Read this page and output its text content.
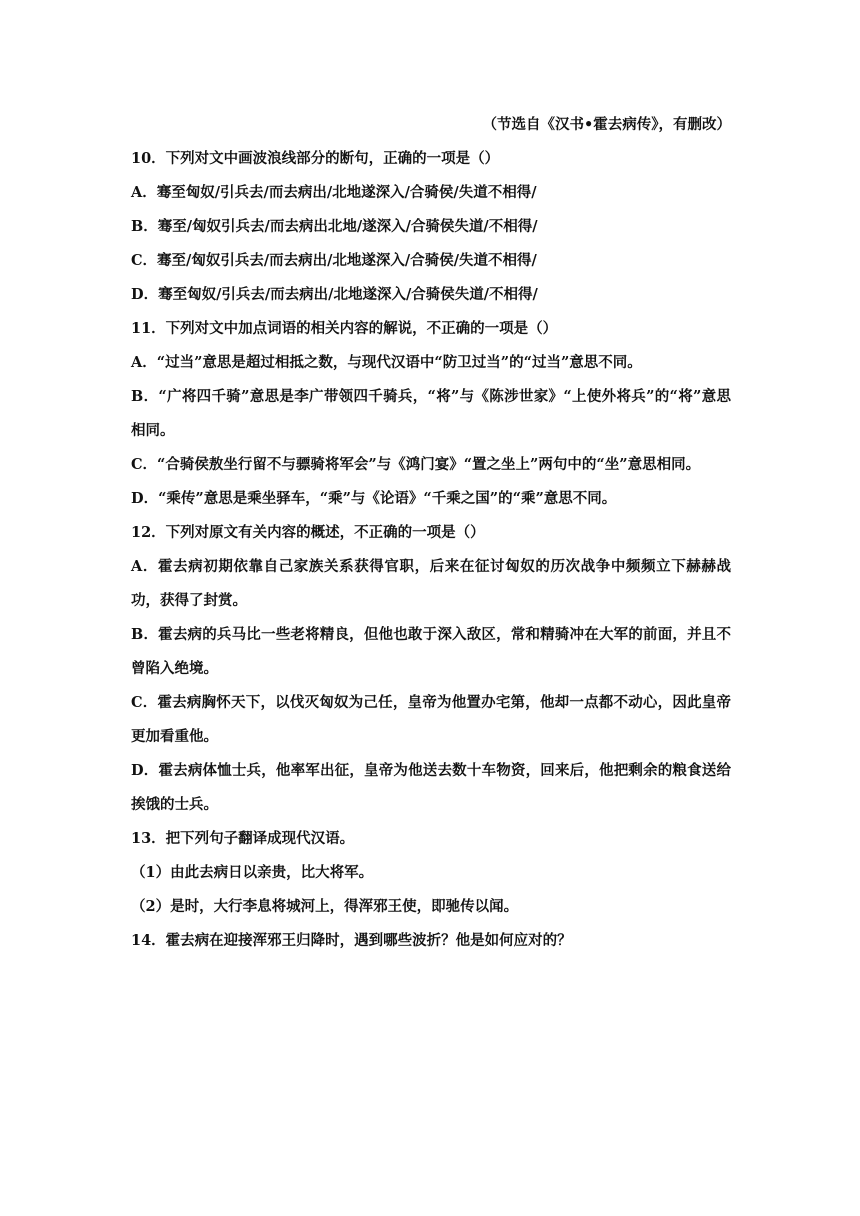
（节选自《汉书•霍去病传》，有删改）
10．下列对文中画波浪线部分的断句，正确的一项是（）
A．骞至匈奴/引兵去/而去病出/北地遂深入/合骑侯/失道不相得/
B．骞至/匈奴引兵去/而去病出北地/遂深入/合骑侯失道/不相得/
C．骞至/匈奴引兵去/而去病出/北地遂深入/合骑侯/失道不相得/
D．骞至匈奴/引兵去/而去病出/北地遂深入/合骑侯失道/不相得/
11．下列对文中加点词语的相关内容的解说，不正确的一项是（）
A．“过当”意思是超过相抵之数，与现代汉语中“防卫过当”的“过当”意思不同。
B．“广将四千骑”意思是李广带领四千骑兵，“将”与《陈涉世家》“上使外将兵”的“将”意思相同。
C．“合骑侯敖坐行留不与骠骑将军会”与《鸿门宴》“置之坐上”两句中的“坐”意思相同。
D．“乘传”意思是乘坐驿车，“乘”与《论语》“千乘之国”的“乘”意思不同。
12．下列对原文有关内容的概述，不正确的一项是（）
A．霍去病初期依靠自己家族关系获得官职，后来在征讨匈奴的历次战争中频频立下赫赫战功，获得了封赏。
B．霍去病的兵马比一些老将精良，但他也敢于深入敌区，常和精骑冲在大军的前面，并且不曾陷入绝境。
C．霍去病胸怀天下，以伐灭匈奴为己任，皇帝为他置办宅第，他却一点都不动心，因此皇帝更加看重他。
D．霍去病体恤士兵，他率军出征，皇帝为他送去数十车物资，回来后，他把剩余的粮食送给挨饿的士兵。
13．把下列句子翻译成现代汉语。
（1）由此去病日以亲贵，比大将军。
（2）是时，大行李息将城河上，得浑邪王使，即驰传以闻。
14．霍去病在迎接浑邪王归降时，遇到哪些波折？他是如何应对的？
